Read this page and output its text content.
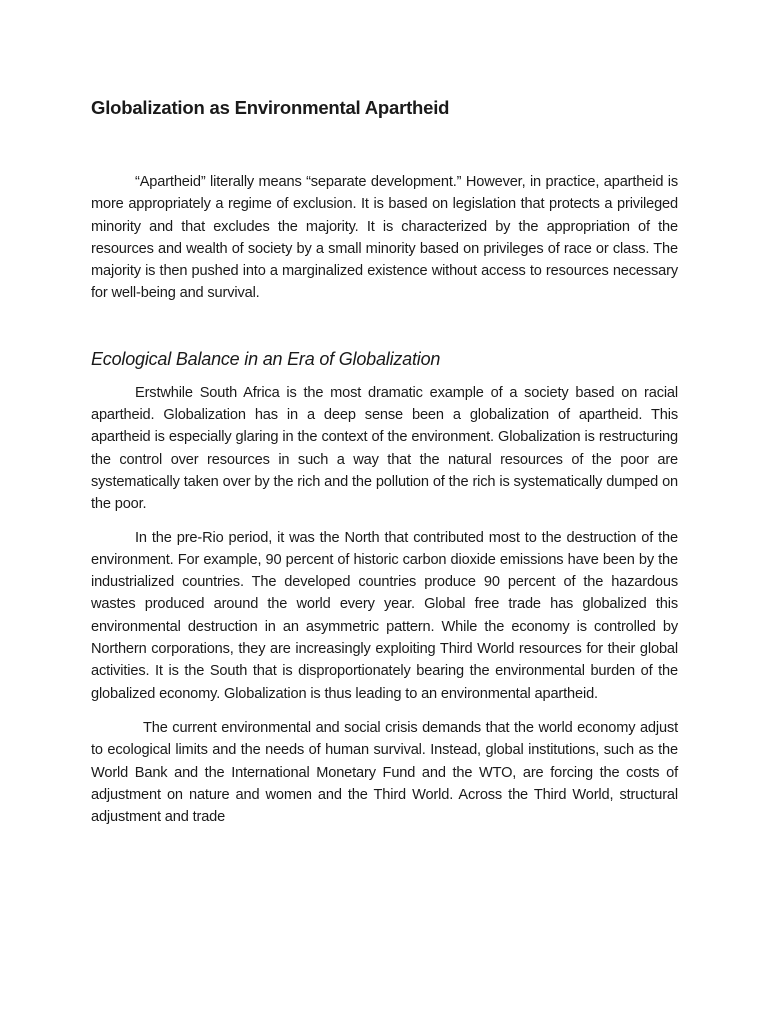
Globalization as Environmental Apartheid

“Apartheid” literally means “separate development.” However, in practice, apartheid is more appropriately a regime of exclusion. It is based on legislation that protects a privileged minority and that excludes the majority. It is characterized by the appropriation of the resources and wealth of society by a small minority based on privileges of race or class. The majority is then pushed into a marginalized existence without access to resources necessary for well-being and survival.

Ecological Balance in an Era of Globalization

Erstwhile South Africa is the most dramatic example of a society based on racial apartheid. Globalization has in a deep sense been a globalization of apartheid. This apartheid is especially glaring in the context of the environment. Globalization is restructuring the control over resources in such a way that the natural resources of the poor are systematically taken over by the rich and the pollution of the rich is systematically dumped on the poor.

In the pre-Rio period, it was the North that contributed most to the destruction of the environment. For example, 90 percent of historic carbon dioxide emissions have been by the industrialized countries. The developed countries produce 90 percent of the hazardous wastes produced around the world every year. Global free trade has globalized this environmental destruction in an asymmetric pattern. While the economy is controlled by Northern corporations, they are increasingly exploiting Third World resources for their global activities. It is the South that is disproportionately bearing the environmental burden of the globalized economy. Globalization is thus leading to an environmental apartheid.

The current environmental and social crisis demands that the world economy adjust to ecological limits and the needs of human survival. Instead, global institutions, such as the World Bank and the International Monetary Fund and the WTO, are forcing the costs of adjustment on nature and women and the Third World. Across the Third World, structural adjustment and trade
